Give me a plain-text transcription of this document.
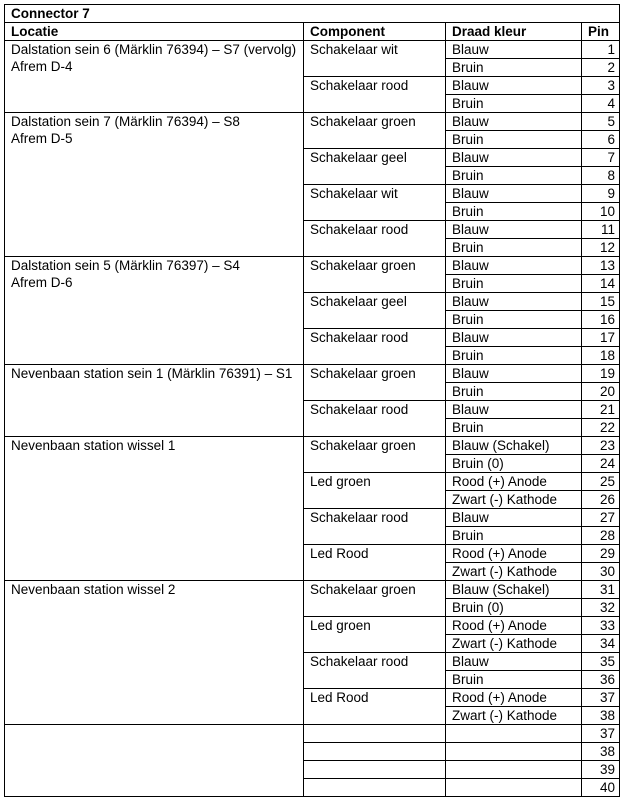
Connector 7			
Locatie	Component	Draad kleur	Pin

Dalstation sein 6 (Märklin 76394) – S7 (vervolg)
Afrem D-4	Schakelaar wit	Blauw	1
		Bruin	2
	Schakelaar rood	Blauw	3
		Bruin	4

Dalstation sein 7 (Märklin 76394) – S8
Afrem D-5	Schakelaar groen	Blauw	5
		Bruin	6
	Schakelaar geel	Blauw	7
		Bruin	8
	Schakelaar wit	Blauw	9
		Bruin	10
	Schakelaar rood	Blauw	11
		Bruin	12

Dalstation sein 5 (Märklin 76397) – S4
Afrem D-6	Schakelaar groen	Blauw	13
		Bruin	14
	Schakelaar geel	Blauw	15
		Bruin	16
	Schakelaar rood	Blauw	17
		Bruin	18

Nevenbaan station sein 1 (Märklin 76391) – S1	Schakelaar groen	Blauw	19
		Bruin	20
	Schakelaar rood	Blauw	21
		Bruin	22

Nevenbaan station wissel 1	Schakelaar groen	Blauw (Schakel)	23
		Bruin (0)	24
	Led groen	Rood (+) Anode	25
		Zwart (-) Kathode	26
	Schakelaar rood	Blauw	27
		Bruin	28
	Led Rood	Rood (+) Anode	29
		Zwart (-) Kathode	30

Nevenbaan station wissel 2	Schakelaar groen	Blauw (Schakel)	31
		Bruin (0)	32
	Led groen	Rood (+) Anode	33
		Zwart (-) Kathode	34
	Schakelaar rood	Blauw	35
		Bruin	36
	Led Rood	Rood (+) Anode	37
		Zwart (-) Kathode	38
			37
			38
			39
			40
